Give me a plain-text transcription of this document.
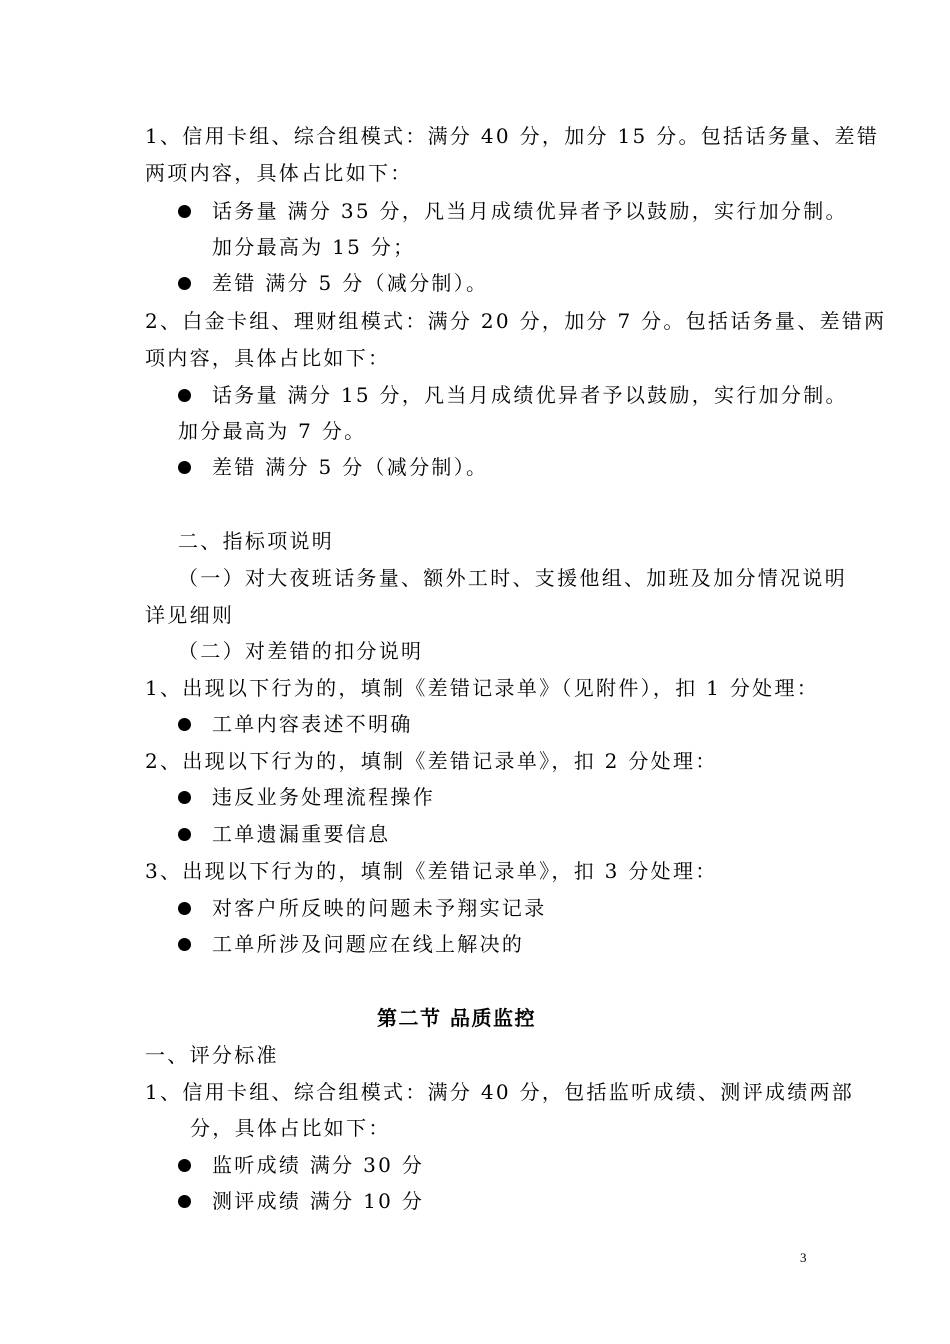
1、信用卡组、综合组模式：满分 40 分，加分 15 分。包括话务量、差错
两项内容，具体占比如下：
话务量 满分 35 分，凡当月成绩优异者予以鼓励，实行加分制。
加分最高为 15 分；
差错 满分 5 分（减分制）。
2、白金卡组、理财组模式：满分 20 分，加分 7 分。包括话务量、差错两
项内容，具体占比如下：
话务量 满分 15 分，凡当月成绩优异者予以鼓励，实行加分制。
加分最高为 7 分。
差错 满分 5 分（减分制）。
二、指标项说明
（一）对大夜班话务量、额外工时、支援他组、加班及加分情况说明
详见细则
（二）对差错的扣分说明
1、出现以下行为的，填制《差错记录单》（见附件），扣 1 分处理：
工单内容表述不明确
2、出现以下行为的，填制《差错记录单》，扣 2 分处理：
违反业务处理流程操作
工单遗漏重要信息
3、出现以下行为的，填制《差错记录单》，扣 3 分处理：
对客户所反映的问题未予翔实记录
工单所涉及问题应在线上解决的
第二节 品质监控
一、评分标准
1、信用卡组、综合组模式：满分 40 分，包括监听成绩、测评成绩两部
分，具体占比如下：
监听成绩 满分 30 分
测评成绩 满分 10 分
3
